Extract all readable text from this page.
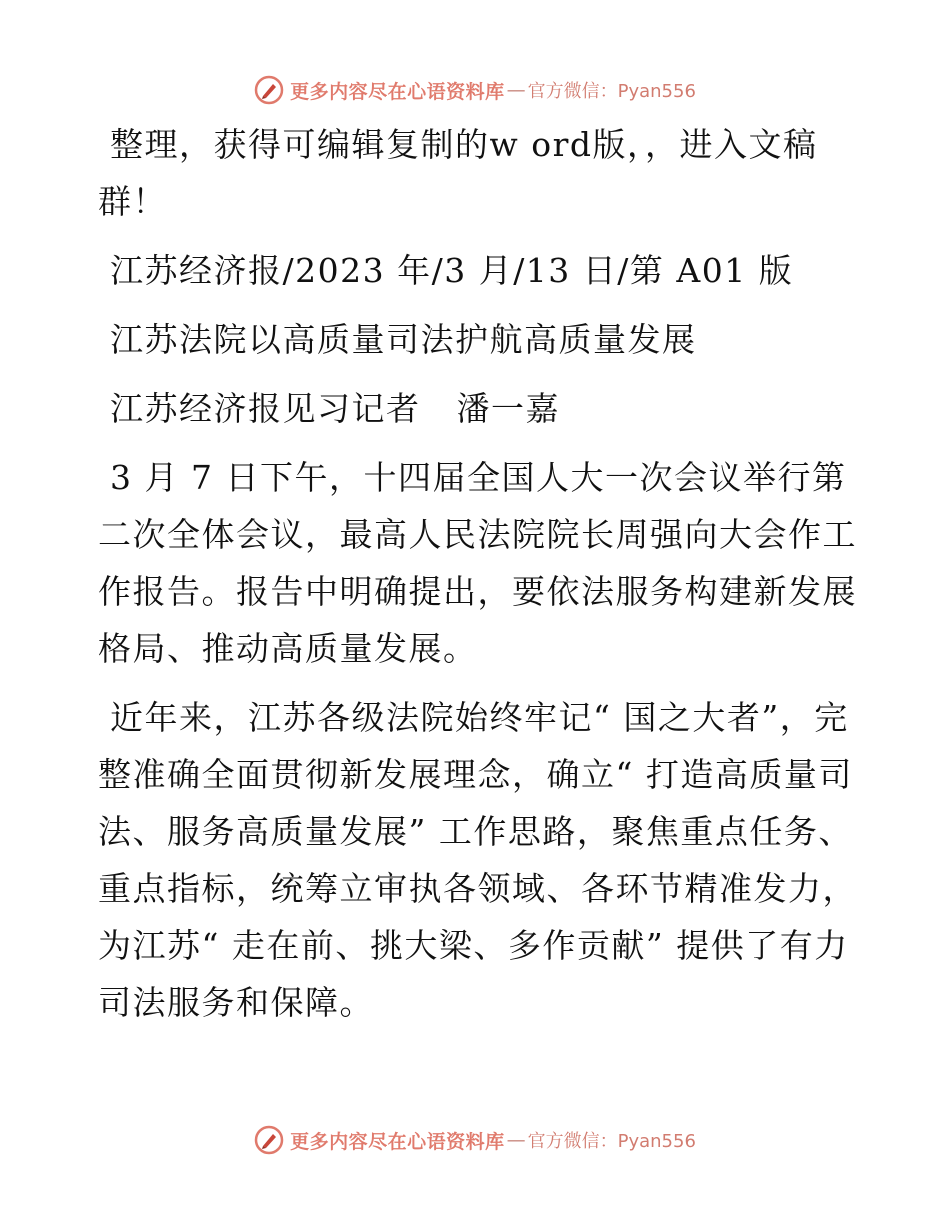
更多内容尽在心语资料库 — 官方微信：Pyan556

整理，获得可编辑复制的w ord版，，进入文稿群！

江苏经济报/2023 年/3 月/13 日/第 A01 版

江苏法院以高质量司法护航高质量发展

江苏经济报见习记者   潘一嘉

3 月 7 日下午，十四届全国人大一次会议举行第二次全体会议，最高人民法院院长周强向大会作工作报告。报告中明确提出，要依法服务构建新发展格局、推动高质量发展。

近年来，江苏各级法院始终牢记“ 国之大者”，完整准确全面贯彻新发展理念，确立“ 打造高质量司法、服务高质量发展” 工作思路，聚焦重点任务、重点指标，统筹立审执各领域、各环节精准发力，为江苏“ 走在前、挑大梁、多作贡献” 提供了有力司法服务和保障。

更多内容尽在心语资料库 — 官方微信：Pyan556
